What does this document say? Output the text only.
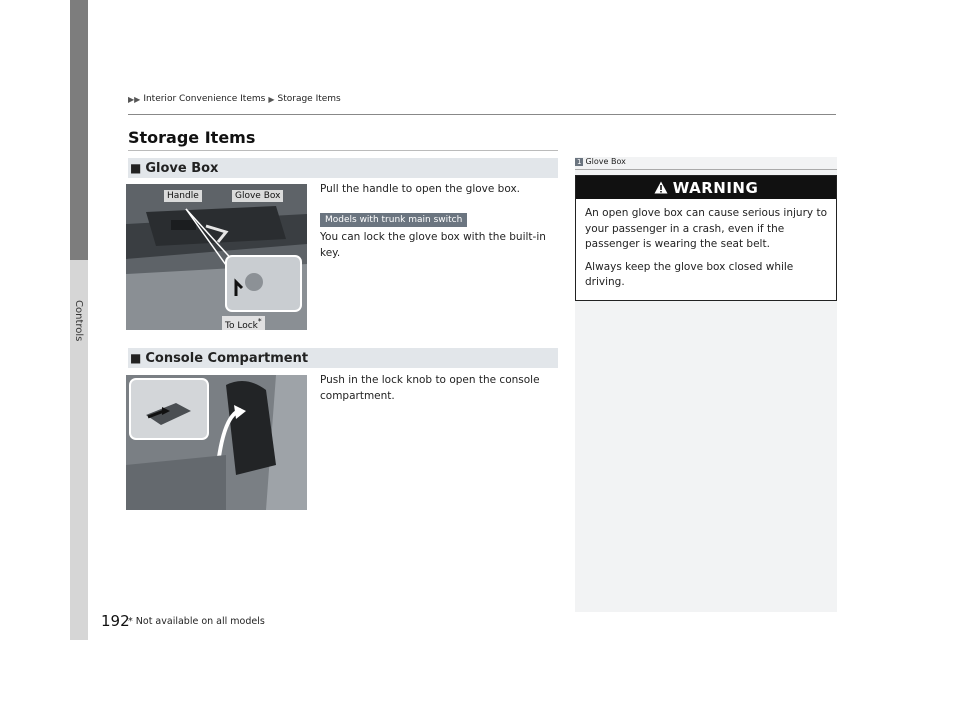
Controls
▶▶ Interior Convenience Items ▶ Storage Items
Storage Items
■ Glove Box
Handle	Glove Box
To Lock*
Pull the handle to open the glove box.
Models with trunk main switch
You can lock the glove box with the built-in key.
■ Console Compartment
Push in the lock knob to open the console compartment.
1 Glove Box
WARNING

An open glove box can cause serious injury to your passenger in a crash, even if the passenger is wearing the seat belt.

Always keep the glove box closed while driving.

192
* Not available on all models
